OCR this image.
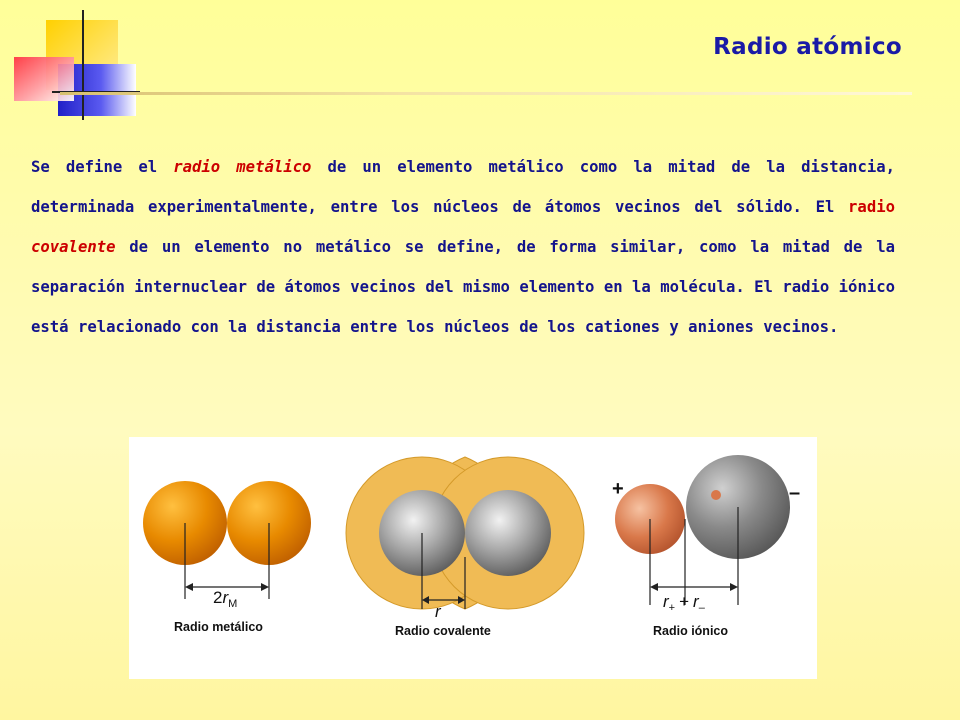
Radio atómico
Se define el radio metálico de un elemento metálico como la mitad de la distancia, determinada experimentalmente, entre los núcleos de átomos vecinos del sólido. El radio covalente de un elemento no metálico se define, de forma similar, como la mitad de la separación internuclear de átomos vecinos del mismo elemento en la molécula. El radio iónico está relacionado con la distancia entre los núcleos de los cationes y aniones vecinos.
$2r_M$	r
+	–
$r_+ + r_-$
Radio metálico	Radio covalente	Radio iónico
